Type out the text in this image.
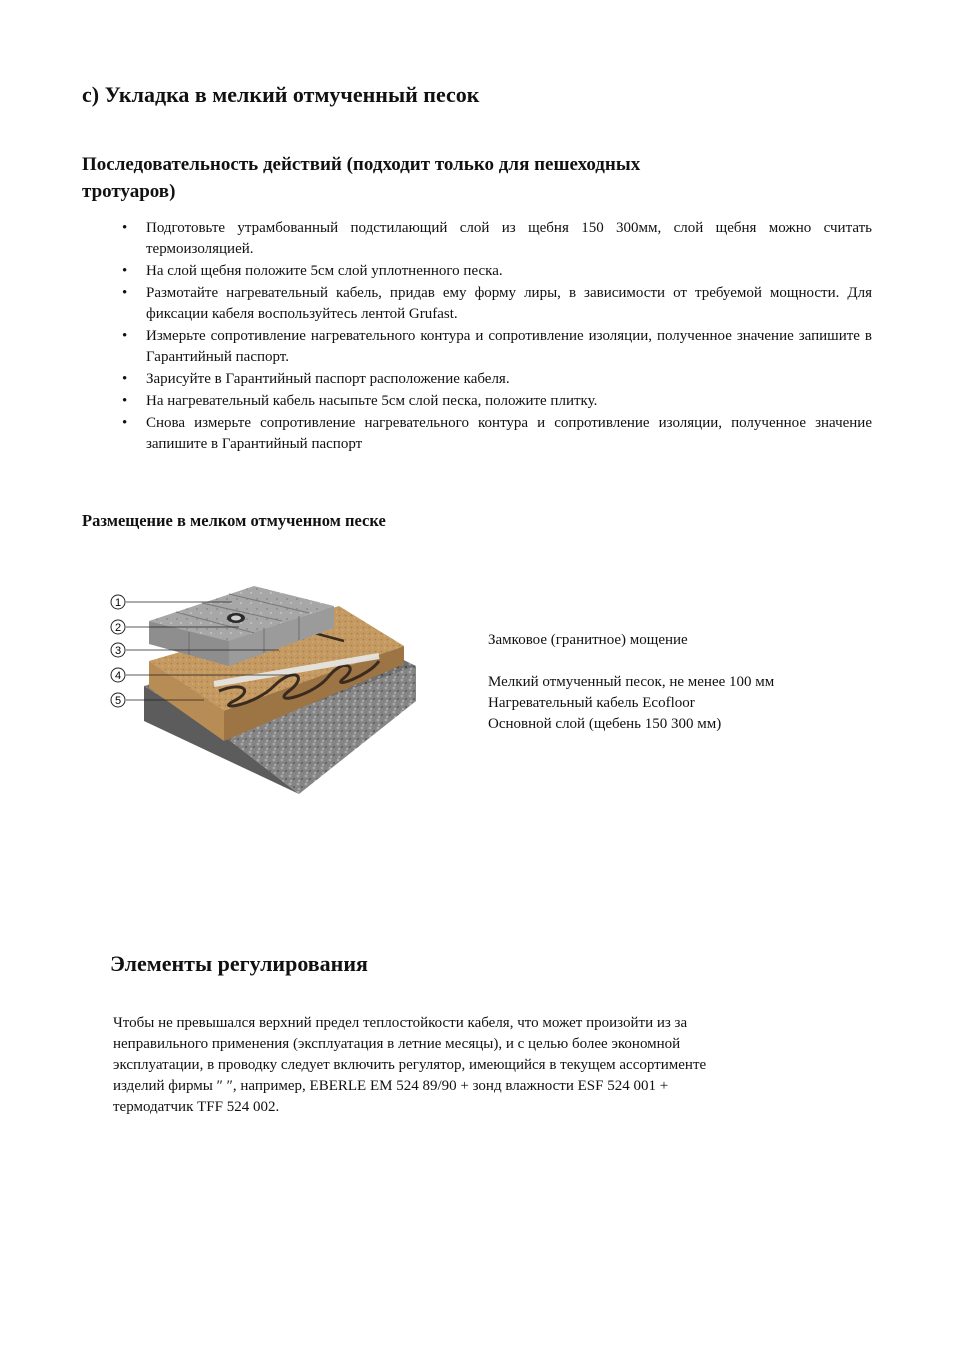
с) Укладка в мелкий отмученный песок
Последовательность действий (подходит только для пешеходных
тротуаров)
• Подготовьте утрамбованный подстилающий слой из щебня 150 300мм, слой щебня можно считать термоизоляцией.
• На слой щебня положите 5см слой уплотненного песка.
• Размотайте нагревательный кабель, придав ему форму лиры, в зависимости от требуемой мощности. Для фиксации кабеля воспользуйтесь лентой Grufast.
• Измерьте сопротивление нагревательного контура и сопротивление изоляции, полученное значение запишите в Гарантийный паспорт.
• Зарисуйте в Гарантийный паспорт расположение кабеля.
• На нагревательный кабель насыпьте 5см слой песка, положите плитку.
• Снова измерьте сопротивление нагревательного контура и сопротивление изоляции, полученное значение запишите в Гарантийный паспорт
Размещение в мелком отмученном песке
1
2
3
4
5
Замковое (гранитное) мощение
Мелкий отмученный песок, не менее 100 мм
Нагревательный кабель Ecofloor
Основной слой (щебень 150 300 мм)
Элементы регулирования

Чтобы не превышался верхний предел теплостойкости кабеля, что может произойти из за
неправильного применения (эксплуатация в летние месяцы), и с целью более экономной
эксплуатации, в проводку следует включить регулятор, имеющийся в текущем ассортименте
изделий фирмы ″ ″, например, EBERLE EM 524 89/90 + зонд влажности ESF 524 001 +
термодатчик TFF 524 002.
